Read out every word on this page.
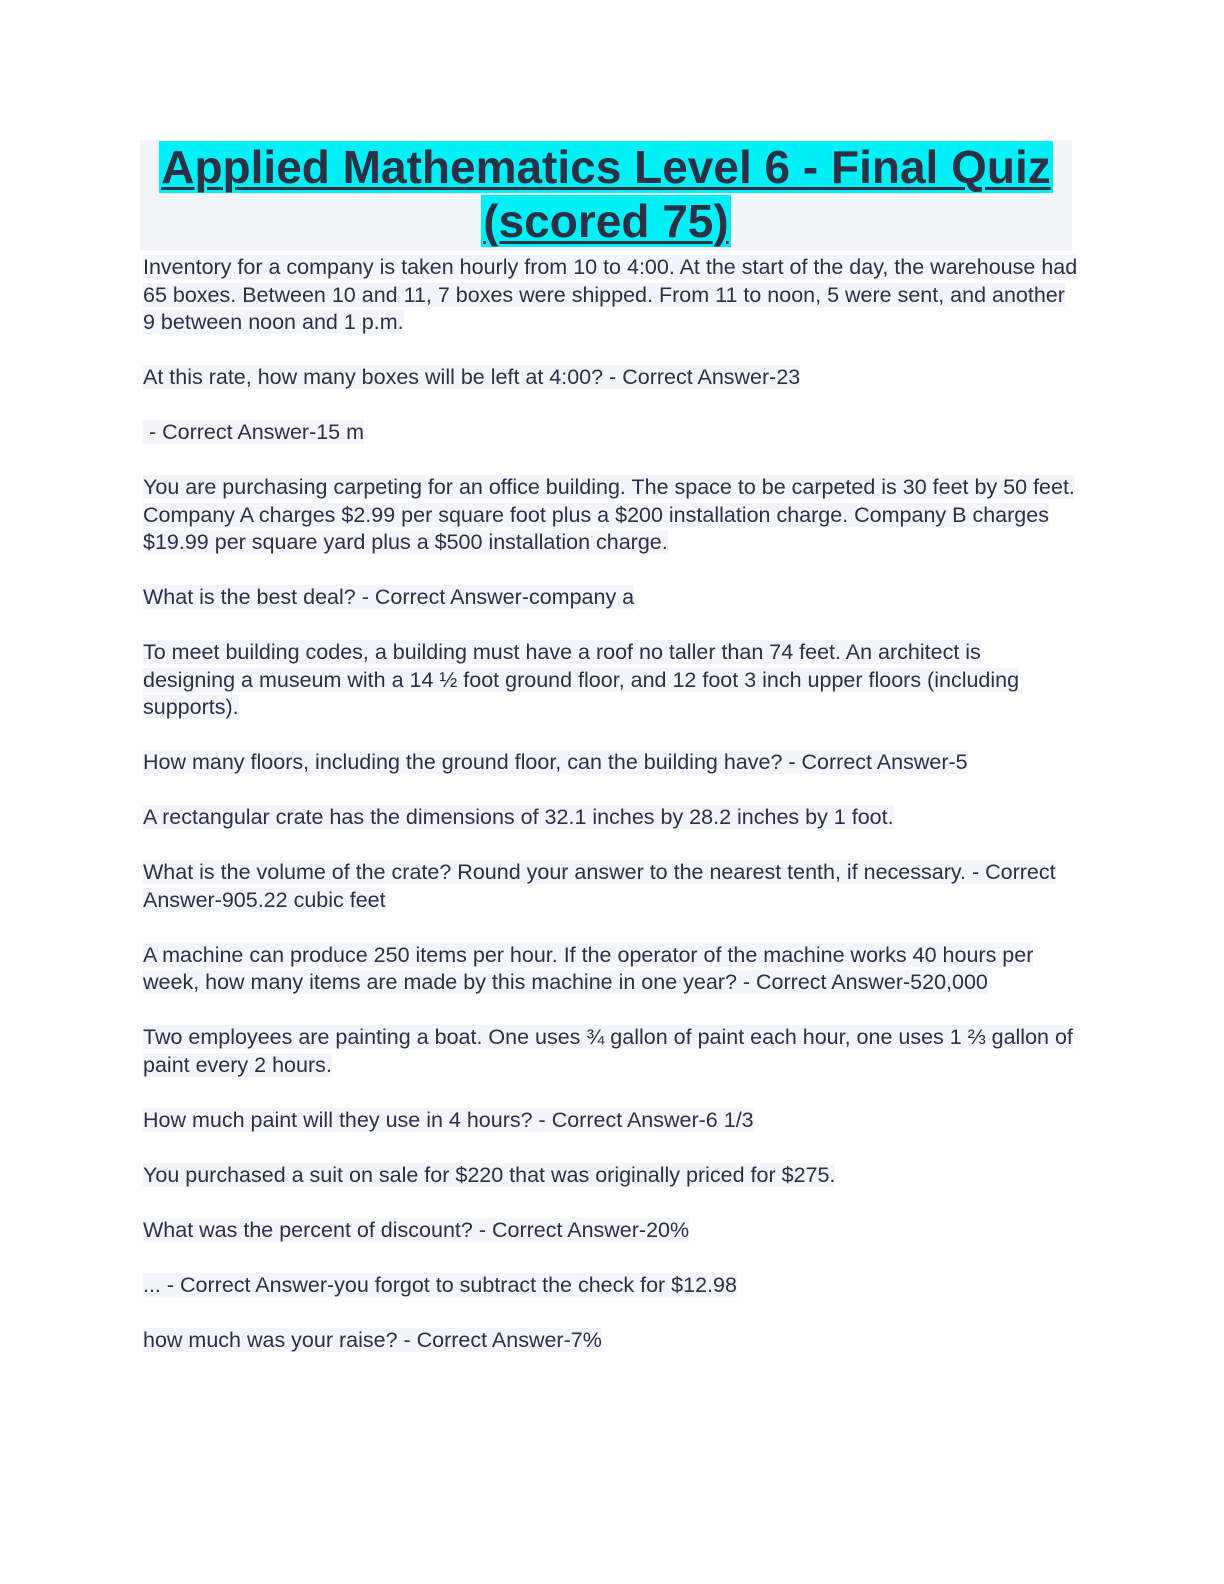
Applied Mathematics Level 6 - Final Quiz
(scored 75)

Inventory for a company is taken hourly from 10 to 4:00. At the start of the day, the warehouse had 65 boxes. Between 10 and 11, 7 boxes were shipped. From 11 to noon, 5 were sent, and another 9 between noon and 1 p.m.

At this rate, how many boxes will be left at 4:00? - Correct Answer-23

- Correct Answer-15 m

You are purchasing carpeting for an office building. The space to be carpeted is 30 feet by 50 feet. Company A charges $2.99 per square foot plus a $200 installation charge. Company B charges $19.99 per square yard plus a $500 installation charge.

What is the best deal? - Correct Answer-company a

To meet building codes, a building must have a roof no taller than 74 feet. An architect is designing a museum with a 14 ½ foot ground floor, and 12 foot 3 inch upper floors (including supports).

How many floors, including the ground floor, can the building have? - Correct Answer-5

A rectangular crate has the dimensions of 32.1 inches by 28.2 inches by 1 foot.

What is the volume of the crate? Round your answer to the nearest tenth, if necessary. - Correct Answer-905.22 cubic feet

A machine can produce 250 items per hour. If the operator of the machine works 40 hours per week, how many items are made by this machine in one year? - Correct Answer-520,000

Two employees are painting a boat. One uses ¾ gallon of paint each hour, one uses 1 ⅔ gallon of paint every 2 hours.

How much paint will they use in 4 hours? - Correct Answer-6 1/3

You purchased a suit on sale for $220 that was originally priced for $275.

What was the percent of discount? - Correct Answer-20%

... - Correct Answer-you forgot to subtract the check for $12.98

how much was your raise? - Correct Answer-7%
